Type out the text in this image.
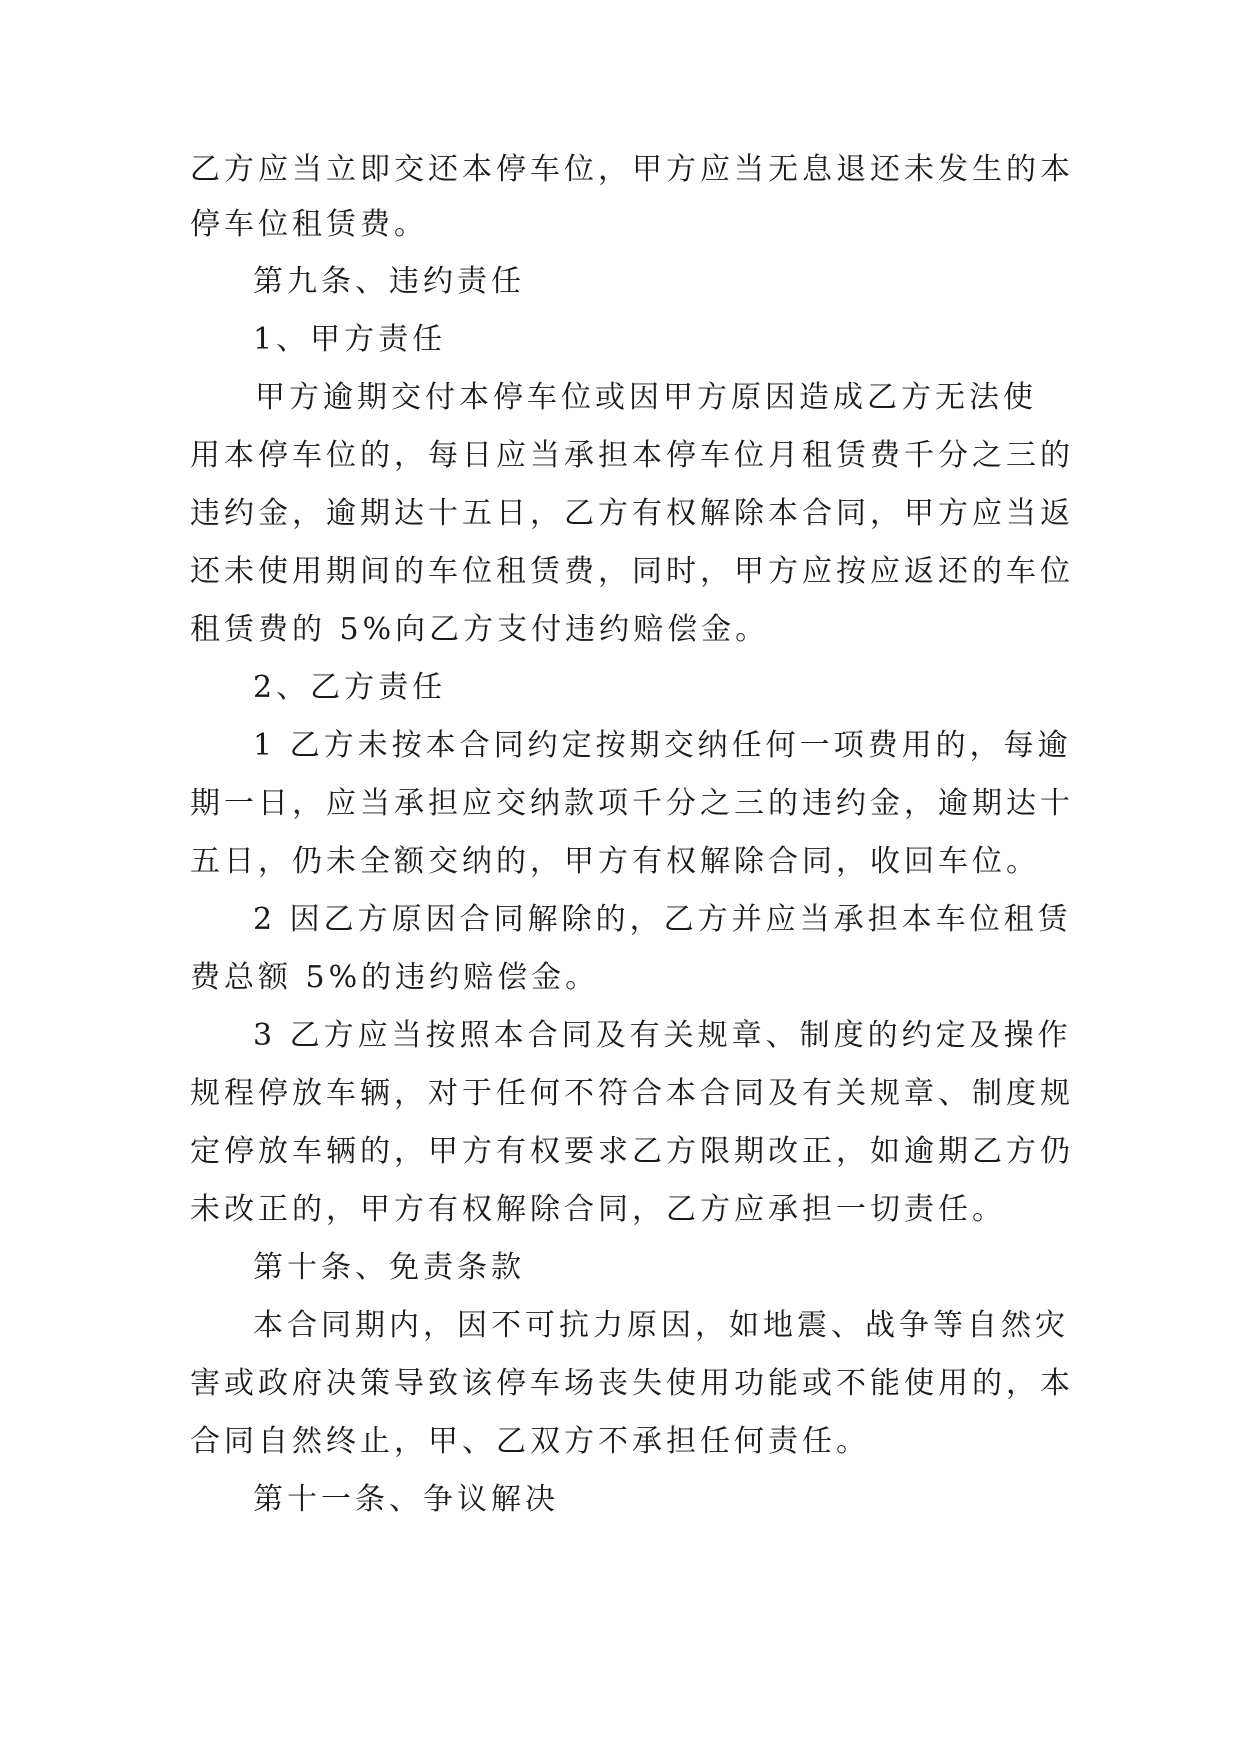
乙方应当立即交还本停车位，甲方应当无息退还未发生的本
停车位租赁费。
第九条、违约责任
1、甲方责任
甲方逾期交付本停车位或因甲方原因造成乙方无法使
用本停车位的，每日应当承担本停车位月租赁费千分之三的
违约金，逾期达十五日，乙方有权解除本合同，甲方应当返
还未使用期间的车位租赁费，同时，甲方应按应返还的车位
租赁费的 5%向乙方支付违约赔偿金。
2、乙方责任
1 乙方未按本合同约定按期交纳任何一项费用的，每逾
期一日，应当承担应交纳款项千分之三的违约金，逾期达十
五日，仍未全额交纳的，甲方有权解除合同，收回车位。
2 因乙方原因合同解除的，乙方并应当承担本车位租赁
费总额 5%的违约赔偿金。
3 乙方应当按照本合同及有关规章、制度的约定及操作
规程停放车辆，对于任何不符合本合同及有关规章、制度规
定停放车辆的，甲方有权要求乙方限期改正，如逾期乙方仍
未改正的，甲方有权解除合同，乙方应承担一切责任。
第十条、免责条款
本合同期内，因不可抗力原因，如地震、战争等自然灾
害或政府决策导致该停车场丧失使用功能或不能使用的，本
合同自然终止，甲、乙双方不承担任何责任。
第十一条、争议解决
